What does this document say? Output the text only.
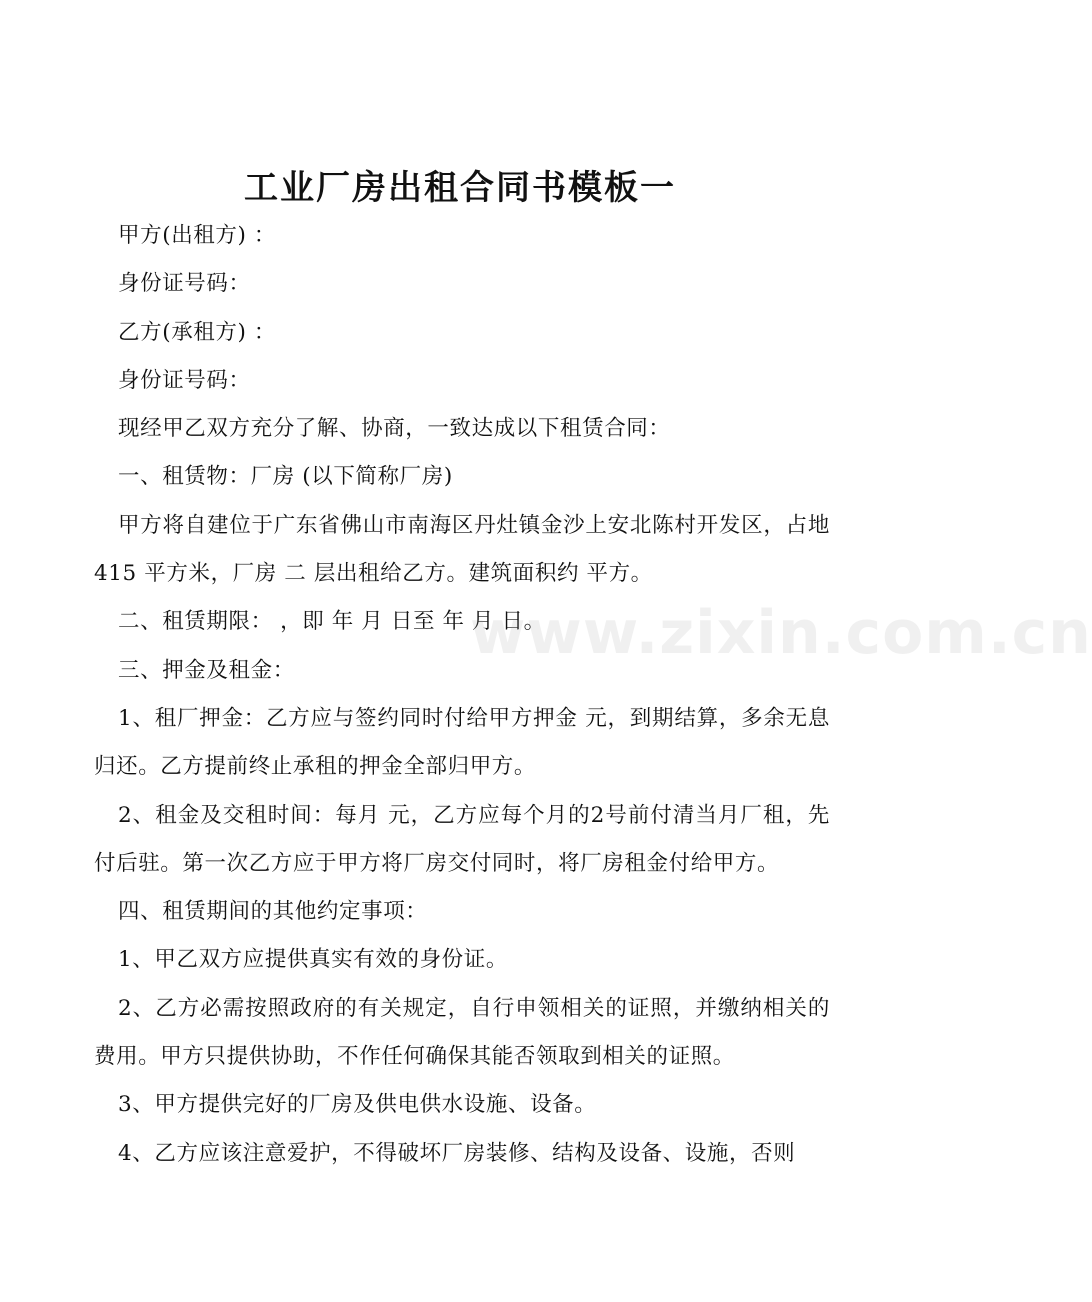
工业厂房出租合同书模板一

甲方(出租方) ：

身份证号码：

乙方(承租方) ：

身份证号码：

现经甲乙双方充分了解、协商，一致达成以下租赁合同：

一、租赁物：厂房 (以下简称厂房)

甲方将自建位于广东省佛山市南海区丹灶镇金沙上安北陈村开发区，占地 415 平方米，厂房 二 层出租给乙方。建筑面积约 平方。

二、租赁期限： ，即 年 月 日至 年 月 日。

三、押金及租金：

1、租厂押金：乙方应与签约同时付给甲方押金 元，到期结算，多余无息归还。乙方提前终止承租的押金全部归甲方。

2、租金及交租时间：每月 元，乙方应每个月的2号前付清当月厂租，先付后驻。第一次乙方应于甲方将厂房交付同时，将厂房租金付给甲方。

四、租赁期间的其他约定事项：

1、甲乙双方应提供真实有效的身份证。

2、乙方必需按照政府的有关规定，自行申领相关的证照，并缴纳相关的费用。甲方只提供协助，不作任何确保其能否领取到相关的证照。

3、甲方提供完好的厂房及供电供水设施、设备。

4、乙方应该注意爱护，不得破坏厂房装修、结构及设备、设施，否则

www.zixin.com.cn
